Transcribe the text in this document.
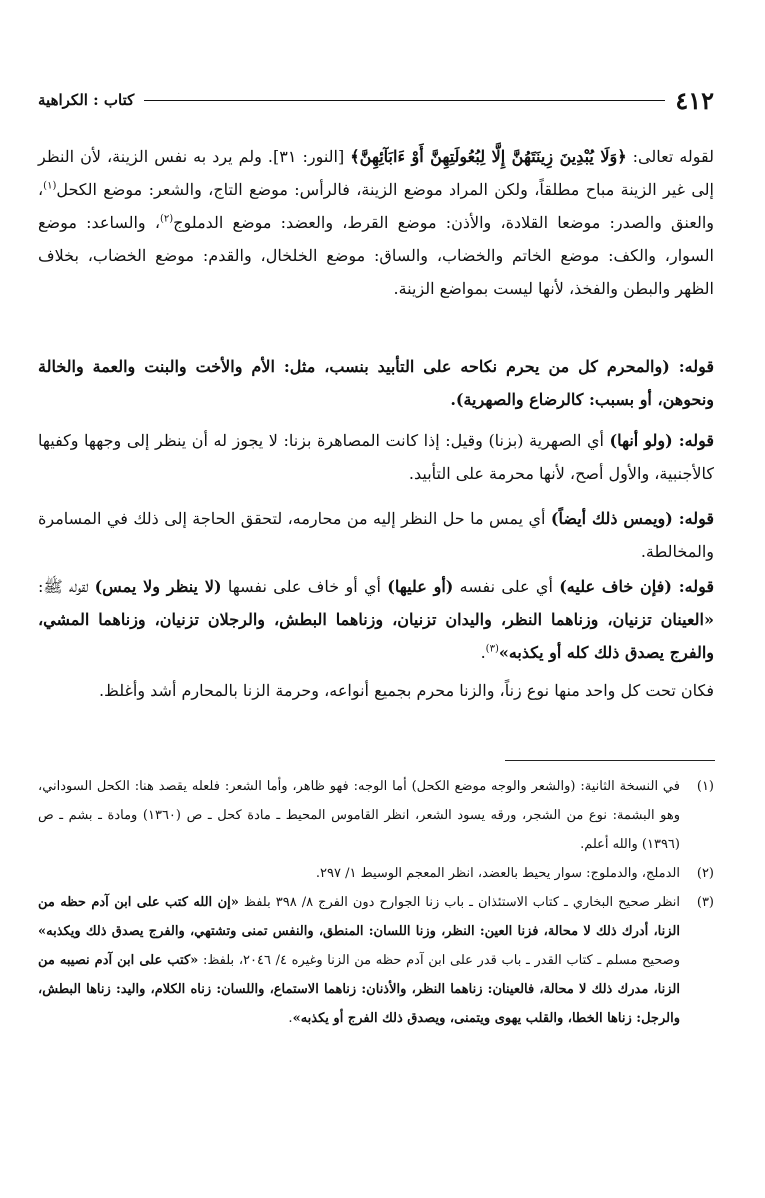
٤١٢
كتاب : الكراهية

لقوله تعالى: ﴿وَلَا يُبْدِينَ زِينَتَهُنَّ إِلَّا لِبُعُولَتِهِنَّ أَوْ ءَابَآئِهِنَّ﴾ [النور: ٣١]. ولم يرد به نفس الزينة، لأن النظر إلى غير الزينة مباح مطلقاً، ولكن المراد موضع الزينة، فالرأس: موضع التاج، والشعر: موضع الكحل$^{(١)}$، والعنق والصدر: موضعا القلادة، والأذن: موضع القرط، والعضد: موضع الدملوج$^{(٢)}$، والساعد: موضع السوار، والكف: موضع الخاتم والخضاب، والساق: موضع الخلخال، والقدم: موضع الخضاب، بخلاف الظهر والبطن والفخذ، لأنها ليست بمواضع الزينة.

قوله: (والمحرم كل من يحرم نكاحه على التأبيد بنسب، مثل: الأم والأخت والبنت والعمة والخالة ونحوهن، أو بسبب: كالرضاع والصهرية).

قوله: (ولو أنها) أي الصهرية (بزنا) وقيل: إذا كانت المصاهرة بزنا: لا يجوز له أن ينظر إلى وجهها وكفيها كالأجنبية، والأول أصح، لأنها محرمة على التأبيد.

قوله: (ويمس ذلك أيضاً) أي يمس ما حل النظر إليه من محارمه، لتحقق الحاجة إلى ذلك في المسامرة والمخالطة.

قوله: (فإن خاف عليه) أي على نفسه (أو عليها) أي أو خاف على نفسها (لا ينظر ولا يمس) لقوله ﷺ: «العينان تزنيان، وزناهما النظر، واليدان تزنيان، وزناهما البطش، والرجلان تزنيان، وزناهما المشي، والفرج يصدق ذلك كله أو يكذبه»$^{(٣)}$.

فكان تحت كل واحد منها نوع زناً، والزنا محرم بجميع أنواعه، وحرمة الزنا بالمحارم أشد وأغلظ.

(١)
في النسخة الثانية: (والشعر والوجه موضع الكحل) أما الوجه: فهو ظاهر، وأما الشعر: فلعله يقصد هنا: الكحل السوداني، وهو البشمة: نوع من الشجر، ورقه يسود الشعر، انظر القاموس المحيط ـ مادة كحل ـ ص (١٣٦٠) ومادة ـ بشم ـ ص (١٣٩٦) والله أعلم.
(٢)
الدملج، والدملوج: سوار يحيط بالعضد، انظر المعجم الوسيط ١/ ٢٩٧.
(٣)
انظر صحيح البخاري ـ كتاب الاستئذان ـ باب زنا الجوارح دون الفرج ٨/ ٣٩٨ بلفظ «إن الله كتب على ابن آدم حظه من الزنا، أدرك ذلك لا محالة، فزنا العين: النظر، وزنا اللسان: المنطق، والنفس تمنى وتشتهي، والفرج يصدق ذلك ويكذبه» وصحيح مسلم ـ كتاب القدر ـ باب قدر على ابن آدم حظه من الزنا وغيره ٤/ ٢٠٤٦، بلفظ: «كتب على ابن آدم نصيبه من الزنا، مدرك ذلك لا محالة، فالعينان: زناهما النظر، والأذنان: زناهما الاستماع، واللسان: زناه الكلام، واليد: زناها البطش، والرجل: زناها الخطا، والقلب يهوى ويتمنى، ويصدق ذلك الفرج أو يكذبه».
